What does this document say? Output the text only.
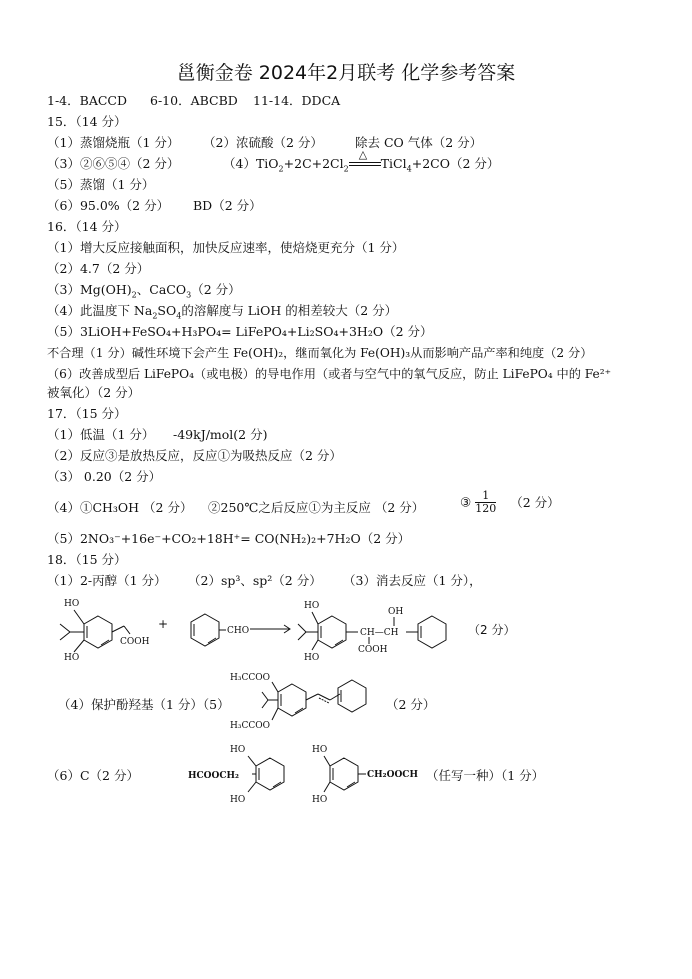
邕衡金卷 2024年2月联考 化学参考答案
1-4．BACCD 6-10．ABCBD 11-14．DDCA
15．（14 分）
（1）蒸馏烧瓶（1 分） （2）浓硫酸（2 分）	除去 CO 气体（2 分）
（3）②⑥⑤④（2 分）	$(4)TiO_2+2C+2Cl_2$
△
TiCl$_4$+2CO（2 分）
（5）蒸馏（1 分）
（6）95.0%（2 分） BD（2 分）
16．（14 分）
（1）增大反应接触面积，加快反应速率，使焙烧更充分（1 分）
（2）4.7（2 分）
$(3)Mg(OH)_2$、CaCO$_3$（2 分）
（4）此温度下 $Na_2SO_4$的溶解度与 LiOH 的相差较大（2 分）
（5）3LiOH+FeSO₄+H₃PO₄= LiFePO₄+Li₂SO₄+3H₂O（2 分）
不合理（1 分）碱性环境下会产生 Fe(OH)₂，继而氧化为 Fe(OH)₃从而影响产品产率和纯度（2 分）
（6）改善成型后 LiFePO₄（或电极）的导电作用（或者与空气中的氧气反应，防止 LiFePO₄ 中的 Fe²⁺
被氧化）（2 分）
17．（15 分）
（1）低温（1 分） -49kJ/mol(2 分)
（2）反应③是放热反应，反应①为吸热反应（2 分）
（3） 0.20（2 分）
（4）①CH₃OH （2 分） ②250℃之后反应①为主反应 （2 分）	③ $\frac{1}{120} (2$ 分）
（5）2NO₃⁻+16e⁻+CO₂+18H⁺= CO(NH₂)₂+7H₂O（2 分）
18．（15 分）
（1）2-丙醇（1 分） （2）sp³、sp²（2 分） （3）消去反应（1 分），
HO
HO
COOH
+	CHO
HO
HO
CH—CH
OH
COOH
（2 分）
（4）保护酚羟基（1 分）（5）
H₃CCOO
H₃CCOO
（2 分）
（6）C（2 分）
HO
HO
HCOOCH₂
HO
HO
CH₂OOCH （任写一种）（1 分）
